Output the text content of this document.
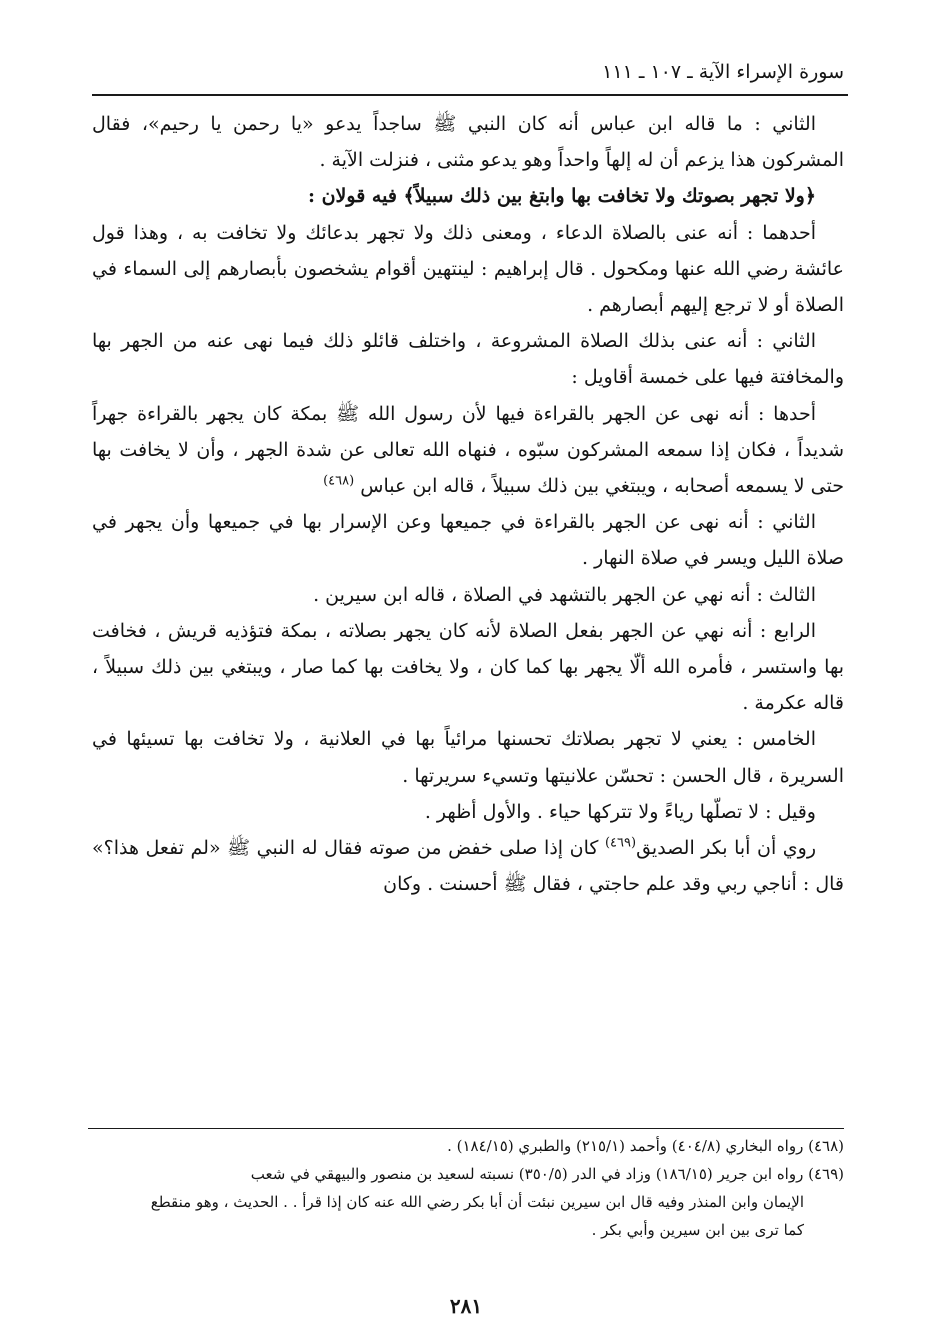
سورة الإسراء الآية ـ ١٠٧ ـ ١١١

الثاني : ما قاله ابن عباس أنه كان النبي ﷺ ساجداً يدعو «يا رحمن يا رحيم»، فقال المشركون هذا يزعم أن له إلهاً واحداً وهو يدعو مثنى ، فنزلت الآية .

﴿ولا تجهر بصوتك ولا تخافت بها وابتغ بين ذلك سبيلاً﴾ فيه قولان :

أحدهما : أنه عنى بالصلاة الدعاء ، ومعنى ذلك ولا تجهر بدعائك ولا تخافت به ، وهذا قول عائشة رضي الله عنها ومكحول . قال إبراهيم : لينتهين أقوام يشخصون بأبصارهم إلى السماء في الصلاة أو لا ترجع إليهم أبصارهم .

الثاني : أنه عنى بذلك الصلاة المشروعة ، واختلف قائلو ذلك فيما نهى عنه من الجهر بها والمخافتة فيها على خمسة أقاويل :

أحدها : أنه نهى عن الجهر بالقراءة فيها لأن رسول الله ﷺ بمكة كان يجهر بالقراءة جهراً شديداً ، فكان إذا سمعه المشركون سبّوه ، فنهاه الله تعالى عن شدة الجهر ، وأن لا يخافت بها حتى لا يسمعه أصحابه ، ويبتغي بين ذلك سبيلاً ، قاله ابن عباس $^{(٤٦٨)}$

الثاني : أنه نهى عن الجهر بالقراءة في جميعها وعن الإسرار بها في جميعها وأن يجهر في صلاة الليل ويسر في صلاة النهار .

الثالث : أنه نهي عن الجهر بالتشهد في الصلاة ، قاله ابن سيرين .

الرابع : أنه نهي عن الجهر بفعل الصلاة لأنه كان يجهر بصلاته ، بمكة فتؤذيه قريش ، فخافت بها واستسر ، فأمره الله ألّا يجهر بها كما كان ، ولا يخافت بها كما صار ، ويبتغي بين ذلك سبيلاً ، قاله عكرمة .

الخامس : يعني لا تجهر بصلاتك تحسنها مرائياً بها في العلانية ، ولا تخافت بها تسيئها في السريرة ، قال الحسن : تحسّن علانيتها وتسيء سريرتها .

وقيل : لا تصلّها رياءً ولا تتركها حياء . والأول أظهر .

روي أن أبا بكر الصديق$^{(٤٦٩)}$ كان إذا صلى خفض من صوته فقال له النبي ﷺ «لم تفعل هذا؟» قال : أناجي ربي وقد علم حاجتي ، فقال ﷺ أحسنت . وكان

(٤٦٨) رواه البخاري (٤٠٤/٨) وأحمد (٢١٥/١) والطبري (١٨٤/١٥) .

(٤٦٩) رواه ابن جرير (١٨٦/١٥) وزاد في الدر (٣٥٠/٥) نسبته لسعيد بن منصور والبيهقي في شعب

الإيمان وابن المنذر وفيه قال ابن سيرين نبئت أن أبا بكر رضي الله عنه كان إذا قرأ . . الحديث ، وهو منقطع

كما ترى بين ابن سيرين وأبي بكر .

٢٨١
